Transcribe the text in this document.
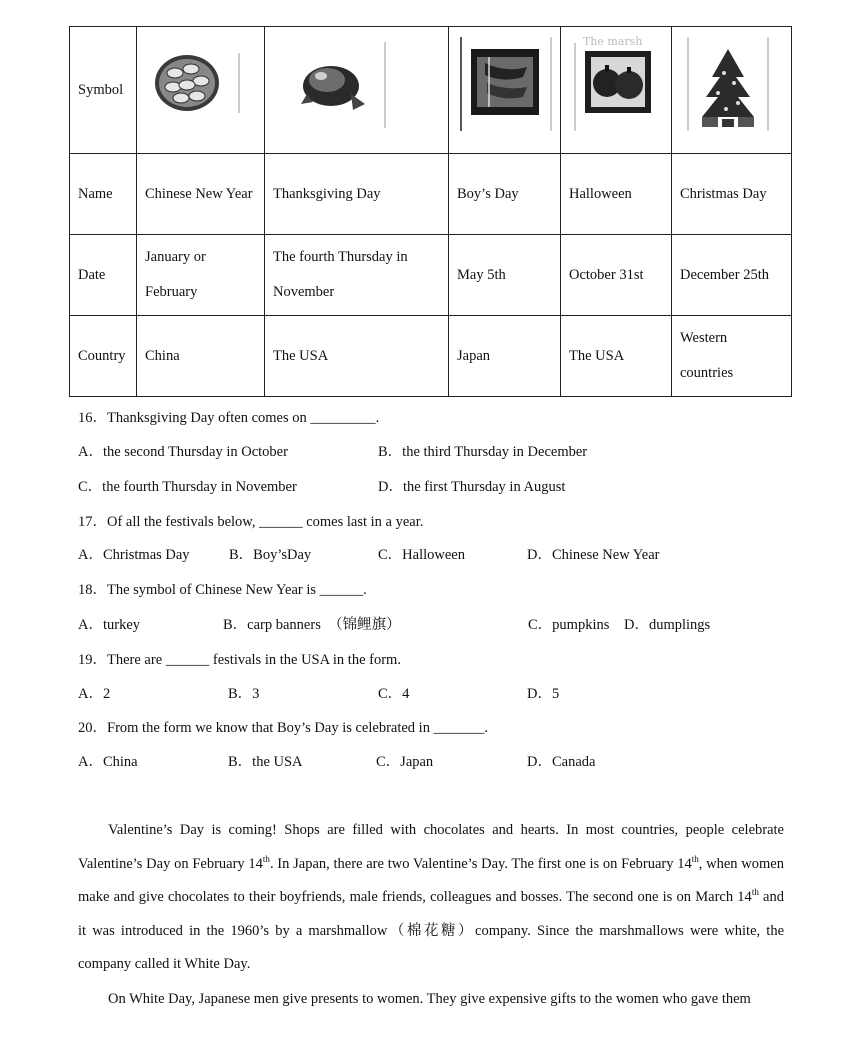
Symbol				The marsh

Name	Chinese New Year	Thanksgiving Day	Boy’s Day	Halloween	Christmas Day
Date	January or February	The fourth Thursday in November	May 5th	October 31st	December 25th
Country	China	The USA	Japan	The USA	Western countries
16．Thanksgiving Day often comes on _________.
A．the second Thursday in October	B．the third Thursday in December
C．the fourth Thursday in November	D．the first Thursday in August
17．Of all the festivals below, ______ comes last in a year.
A．Christmas Day	B．Boy’sDay	C．Halloween	D．Chinese New Year
18．The symbol of Chinese New Year is ______.
A．turkey	B．carp banners　（锦鲤旗）	C．pumpkins D．dumplings
19．There are ______ festivals in the USA in the form.
A．2	B．3	C．4	D．5
20．From the form we know that Boy’s Day is celebrated in _______.
A．China	B．the USA	C．Japan	D．Canada
Valentine’s Day is coming! Shops are filled with chocolates and hearts. In most countries, people celebrate Valentine’s Day on February 14th. In Japan, there are two Valentine’s Day. The first one is on February 14th, when women make and give chocolates to their boyfriends, male friends, colleagues and bosses. The second one is on March 14th and it was introduced in the 1960’s by a marshmallow（棉花糖）company. Since the marshmallows were white, the company called it White Day.
On White Day, Japanese men give presents to women. They give expensive gifts to the women who gave them
